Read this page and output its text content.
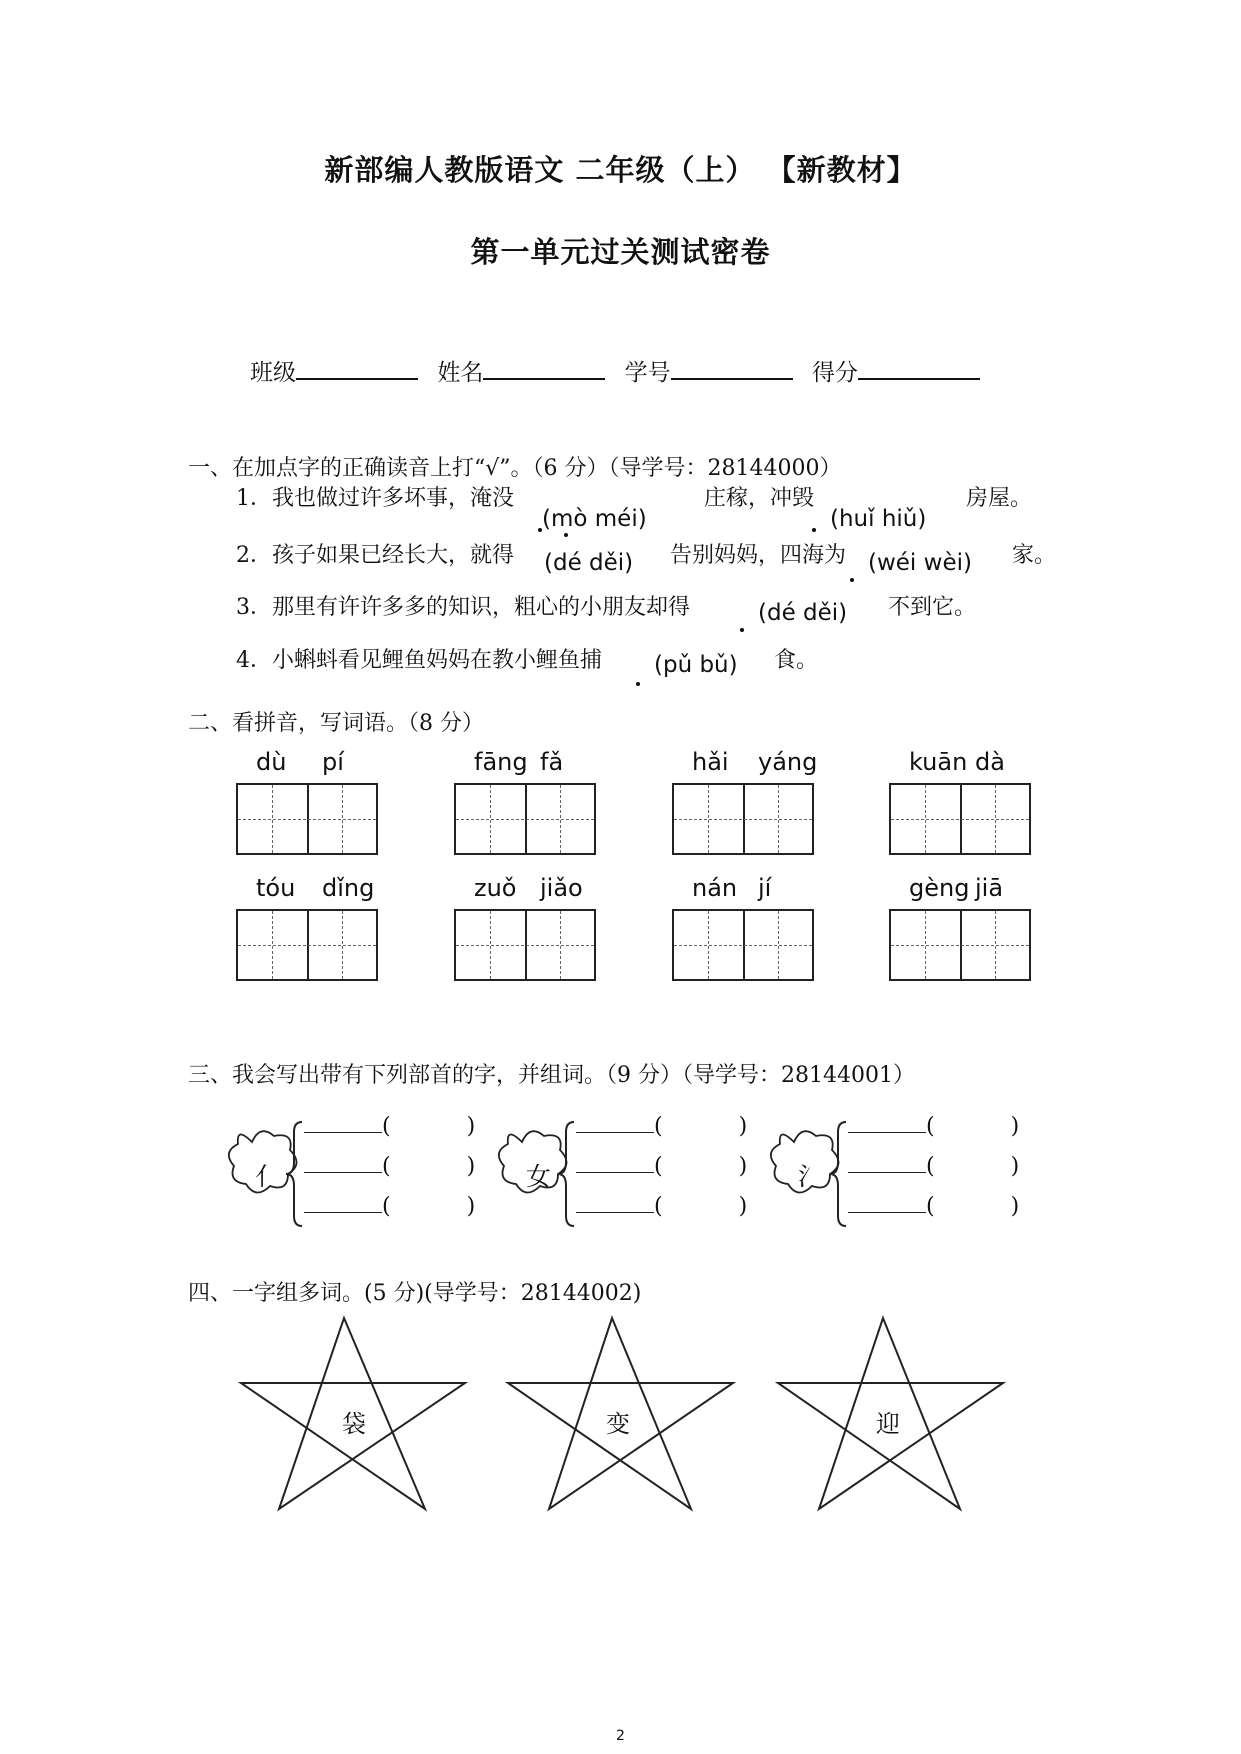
新部编人教版语文 二年级（上） 【新教材】
第一单元过关测试密卷
班级	姓名	学号	得分
一、在加点字的正确读音上打“√”。（6 分）（导学号：28144000）
1．我也做过许多坏事，淹没	庄稼，冲毁	房屋。
(mò méi)	(huǐ hiǔ)
2．孩子如果已经长大，就得 (dé děi) 告别妈妈，四海为 (wéi wèi) 家。
3．那里有许许多多的知识，粗心的小朋友却得	(dé děi) 不到它。
4．小蝌蚪看见鲤鱼妈妈在教小鲤鱼捕 (pǔ bǔ) 食。
二、看拼音，写词语。（8 分）
dù pí	fāng fǎ	hǎi yáng	kuān dà
tóu dǐng	zuǒ jiǎo	nán jí	gèng jiā
三、我会写出带有下列部首的字，并组词。（9 分）（导学号：28144001）
亻	女	氵
(	)
(	)
(	)
(	)
(	)
(	)
(	)
(	)
(	)
四、一字组多词。(5 分)(导学号：28144002)
袋	变	迎
2
